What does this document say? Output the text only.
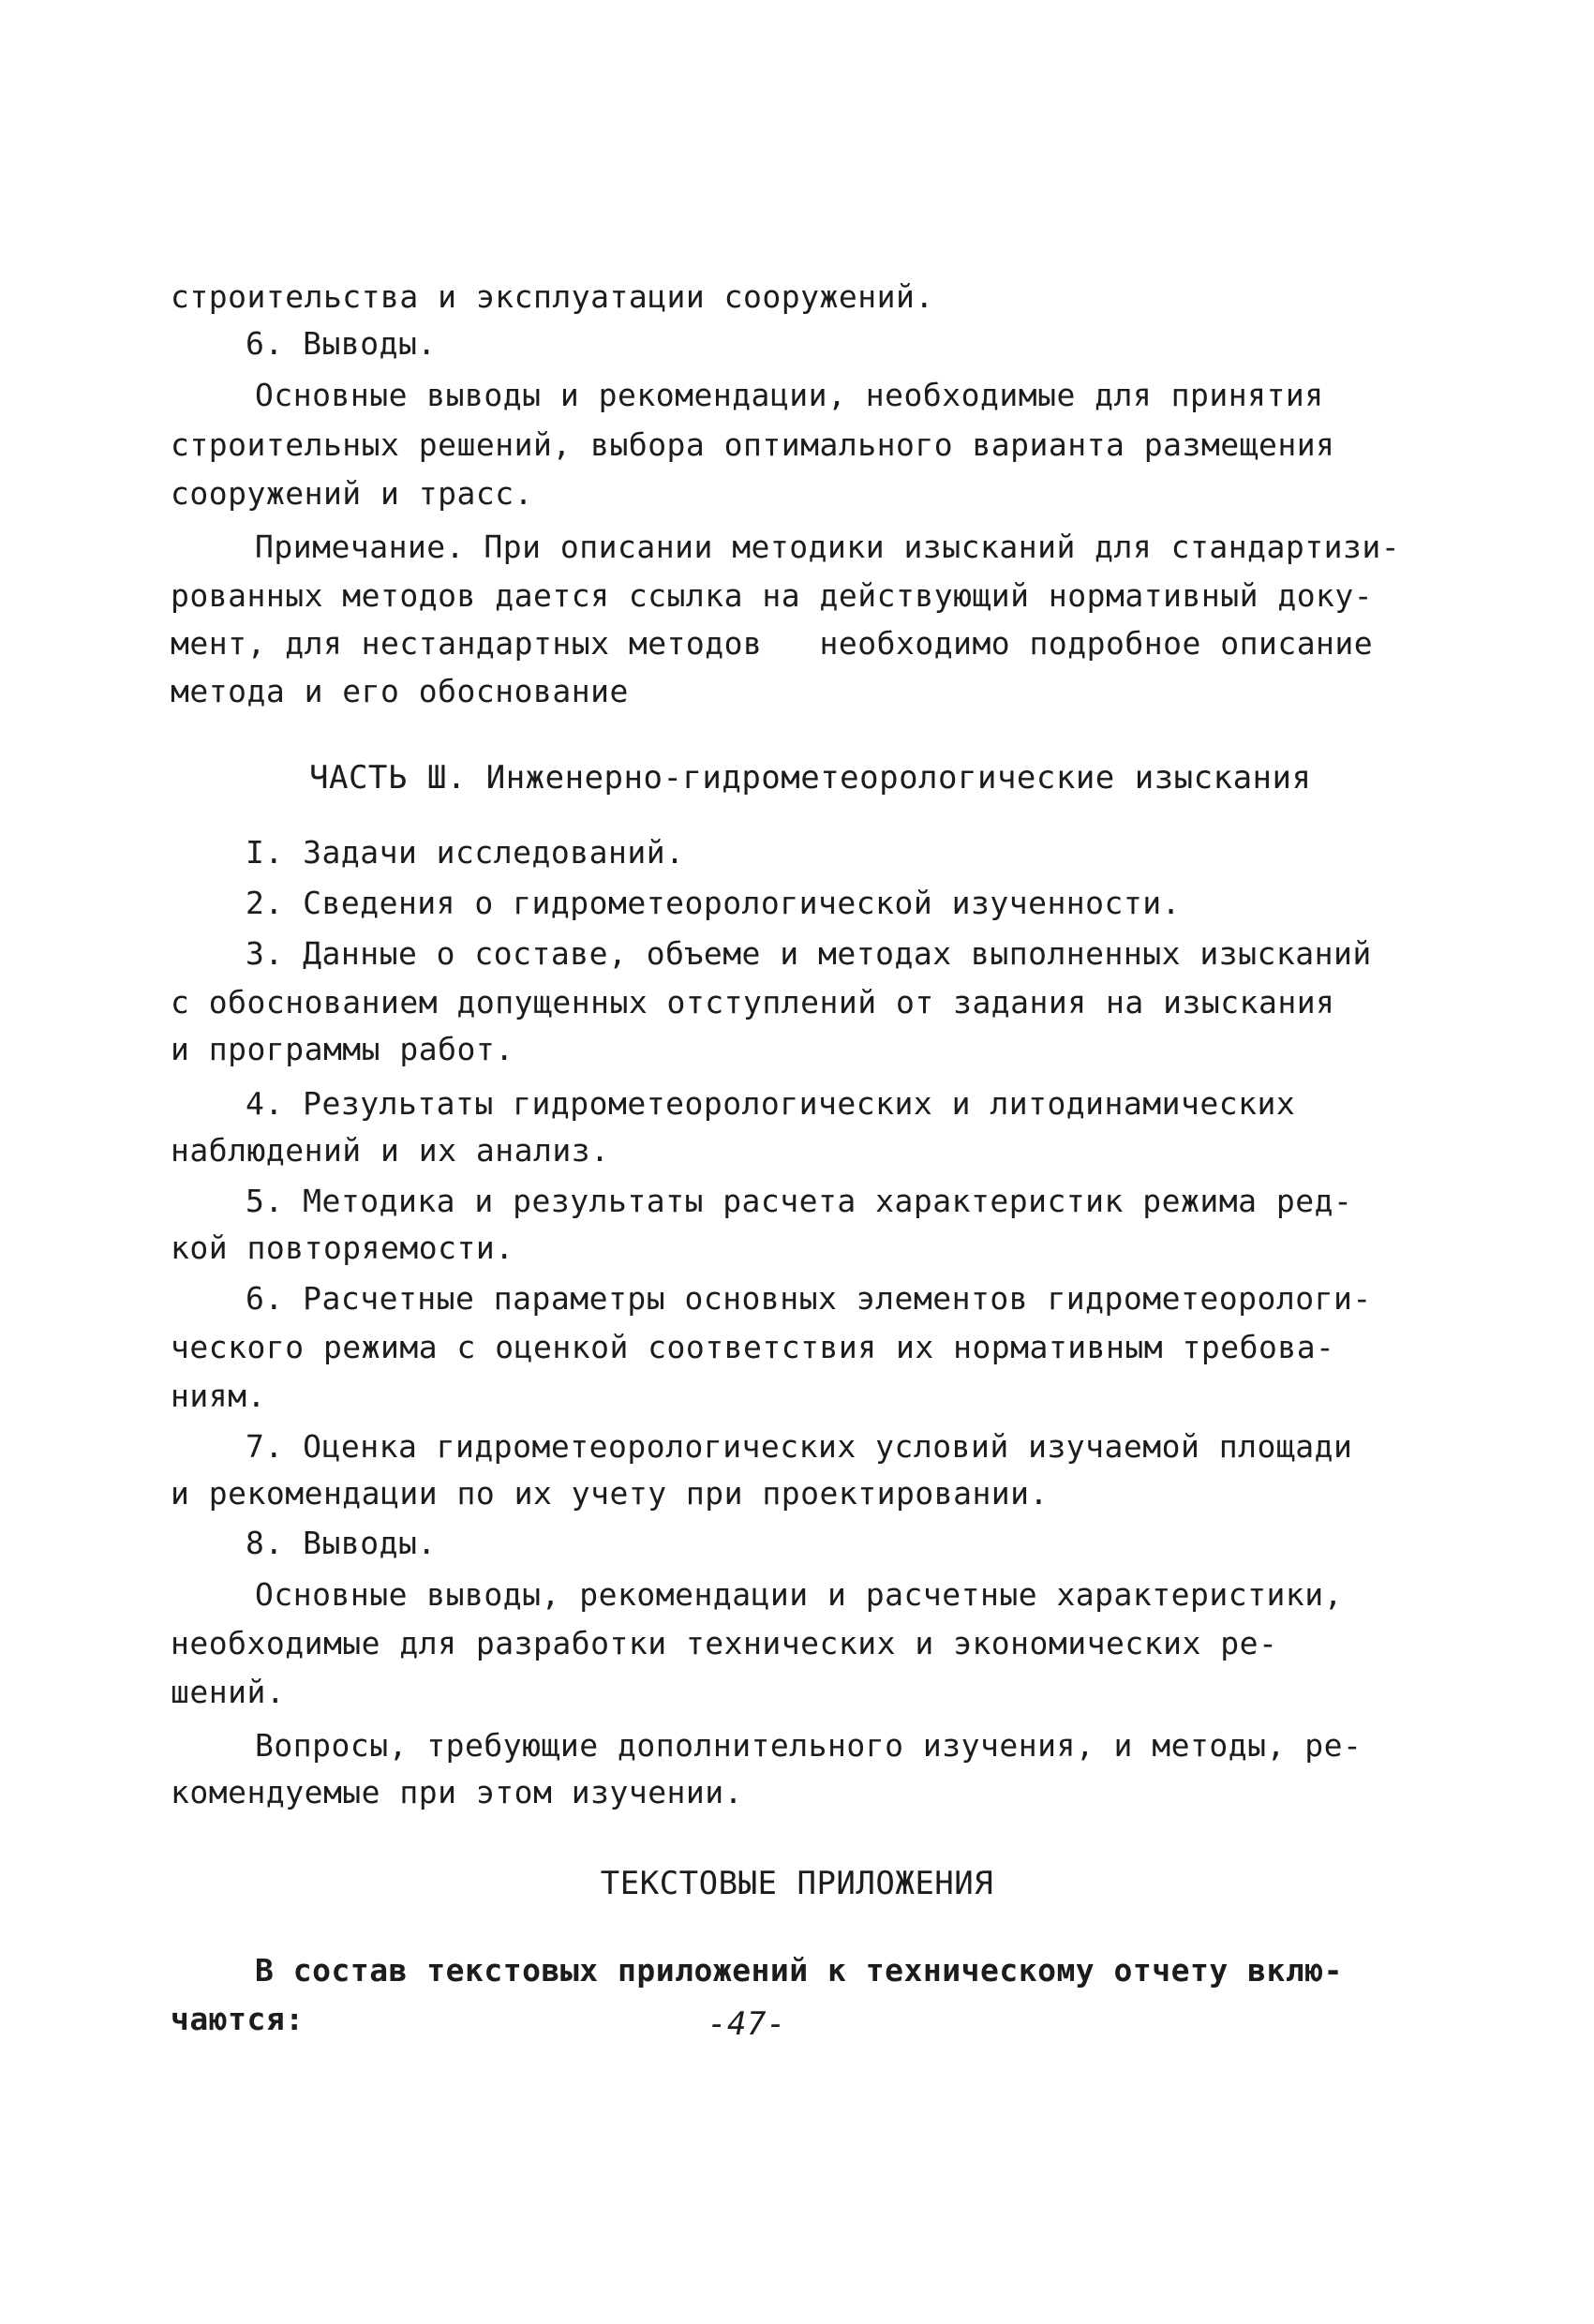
строительства и эксплуатации сооружений.
6. Выводы.
Основные выводы и рекомендации, необходимые для принятия
строительных решений, выбора оптимального варианта размещения
сооружений и трасс.
Примечание. При описании методики изысканий для стандартизи-
рованных методов дается ссылка на действующий нормативный доку-
мент, для нестандартных методов   необходимо подробное описание
метода и его обоснование
ЧАСТЬ Ш. Инженерно-гидрометеорологические изыскания
I. Задачи исследований.
2. Сведения о гидрометеорологической изученности.
3. Данные о составе, объеме и методах выполненных изысканий
с обоснованием допущенных отступлений от задания на изыскания
и программы работ.
4. Результаты гидрометеорологических и литодинамических
наблюдений и их анализ.
5. Методика и результаты расчета характеристик режима ред-
кой повторяемости.
6. Расчетные параметры основных элементов гидрометеорологи-
ческого режима с оценкой соответствия их нормативным требова-
ниям.
7. Оценка гидрометеорологических условий изучаемой площади
и рекомендации по их учету при проектировании.
8. Выводы.
Основные выводы, рекомендации и расчетные характеристики,
необходимые для разработки технических и экономических ре-
шений.
Вопросы, требующие дополнительного изучения, и методы, ре-
комендуемые при этом изучении.
ТЕКСТОВЫЕ ПРИЛОЖЕНИЯ
В состав текстовых приложений к техническому отчету вклю-
чаются:	-47-
